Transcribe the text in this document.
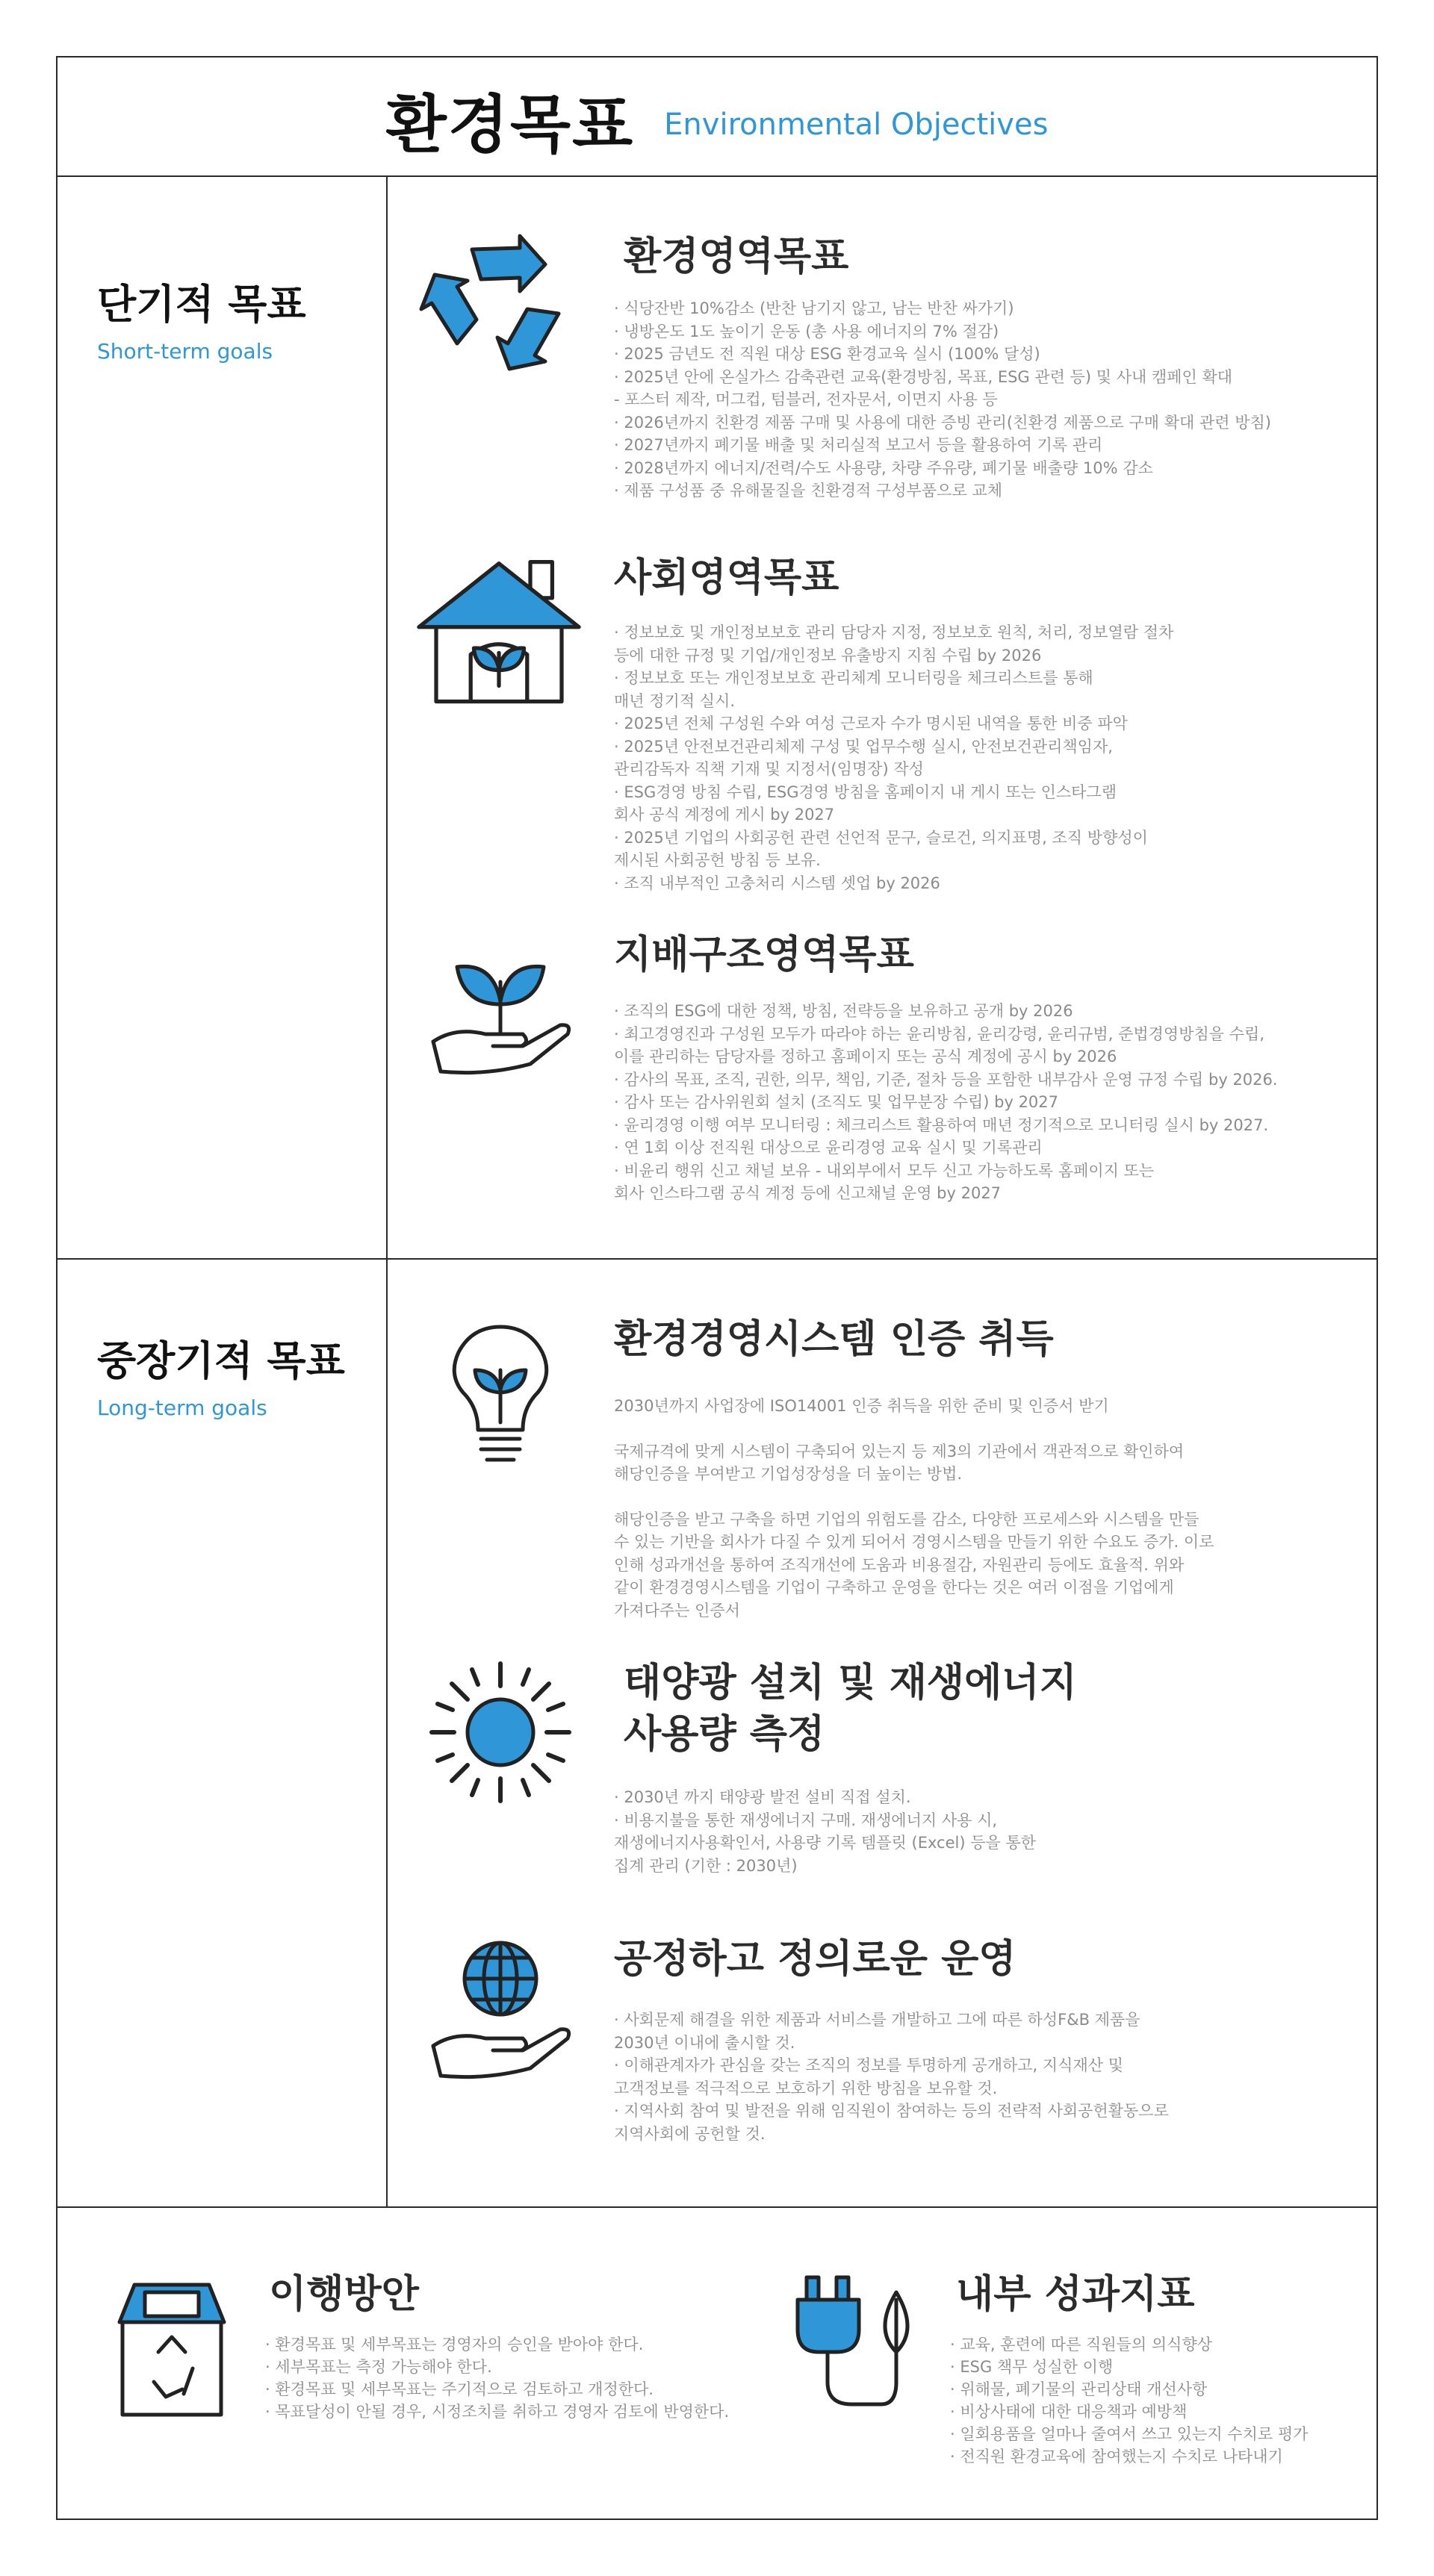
환경목표 Environmental Objectives
단기적 목표
Short-term goals
중장기적 목표
Long-term goals
환경영역목표
· 식당잔반 10%감소 (반찬 남기지 않고, 남는 반찬 싸가기)
· 냉방온도 1도 높이기 운동 (총 사용 에너지의 7% 절감)
· 2025 금년도 전 직원 대상 ESG 환경교육 실시 (100% 달성)
· 2025년 안에 온실가스 감축관련 교육(환경방침, 목표, ESG 관련 등) 및 사내 캠페인 확대
- 포스터 제작, 머그컵, 텀블러, 전자문서, 이면지 사용 등
· 2026년까지 친환경 제품 구매 및 사용에 대한 증빙 관리(친환경 제품으로 구매 확대 관련 방침)
· 2027년까지 폐기물 배출 및 처리실적 보고서 등을 활용하여 기록 관리
· 2028년까지 에너지/전력/수도 사용량, 차량 주유량, 폐기물 배출량 10% 감소
· 제품 구성품 중 유해물질을 친환경적 구성부품으로 교체
사회영역목표
· 정보보호 및 개인정보보호 관리 담당자 지정, 정보보호 원칙, 처리, 정보열람 절차
등에 대한 규정 및 기업/개인정보 유출방지 지침 수립 by 2026
· 정보보호 또는 개인정보보호 관리체계 모니터링을 체크리스트를 통해
매년 정기적 실시.
· 2025년 전체 구성원 수와 여성 근로자 수가 명시된 내역을 통한 비중 파악
· 2025년 안전보건관리체제 구성 및 업무수행 실시, 안전보건관리책임자,
관리감독자 직책 기재 및 지정서(임명장) 작성
· ESG경영 방침 수립, ESG경영 방침을 홈페이지 내 게시 또는 인스타그램
회사 공식 계정에 게시 by 2027
· 2025년 기업의 사회공헌 관련 선언적 문구, 슬로건, 의지표명, 조직 방향성이
제시된 사회공헌 방침 등 보유.
· 조직 내부적인 고충처리 시스템 셋업 by 2026
지배구조영역목표
· 조직의 ESG에 대한 정책, 방침, 전략등을 보유하고 공개 by 2026
· 최고경영진과 구성원 모두가 따라야 하는 윤리방침, 윤리강령, 윤리규범, 준법경영방침을 수립,
이를 관리하는 담당자를 정하고 홈페이지 또는 공식 계정에 공시 by 2026
· 감사의 목표, 조직, 권한, 의무, 책임, 기준, 절차 등을 포함한 내부감사 운영 규정 수립 by 2026.
· 감사 또는 감사위원회 설치 (조직도 및 업무분장 수립) by 2027
· 윤리경영 이행 여부 모니터링 : 체크리스트 활용하여 매년 정기적으로 모니터링 실시 by 2027.
· 연 1회 이상 전직원 대상으로 윤리경영 교육 실시 및 기록관리
· 비윤리 행위 신고 채널 보유 - 내외부에서 모두 신고 가능하도록 홈페이지 또는
회사 인스타그램 공식 계정 등에 신고채널 운영 by 2027
환경경영시스템 인증 취득
2030년까지 사업장에 ISO14001 인증 취득을 위한 준비 및 인증서 받기
국제규격에 맞게 시스템이 구축되어 있는지 등 제3의 기관에서 객관적으로 확인하여
해당인증을 부여받고 기업성장성을 더 높이는 방법.
해당인증을 받고 구축을 하면 기업의 위험도를 감소, 다양한 프로세스와 시스템을 만들
수 있는 기반을 회사가 다질 수 있게 되어서 경영시스템을 만들기 위한 수요도 증가. 이로
인해 성과개선을 통하여 조직개선에 도움과 비용절감, 자원관리 등에도 효율적. 위와
같이 환경경영시스템을 기업이 구축하고 운영을 한다는 것은 여러 이점을 기업에게
가져다주는 인증서
태양광 설치 및 재생에너지
사용량 측정
· 2030년 까지 태양광 발전 설비 직접 설치.
· 비용지불을 통한 재생에너지 구매. 재생에너지 사용 시,
재생에너지사용확인서, 사용량 기록 템플릿 (Excel) 등을 통한
집계 관리 (기한 : 2030년)
공정하고 정의로운 운영
· 사회문제 해결을 위한 제품과 서비스를 개발하고 그에 따른 하성F&B 제품을
2030년 이내에 출시할 것.
· 이해관계자가 관심을 갖는 조직의 정보를 투명하게 공개하고, 지식재산 및
고객정보를 적극적으로 보호하기 위한 방침을 보유할 것.
· 지역사회 참여 및 발전을 위해 임직원이 참여하는 등의 전략적 사회공헌활동으로
지역사회에 공헌할 것.
이행방안
· 환경목표 및 세부목표는 경영자의 승인을 받아야 한다.
· 세부목표는 측정 가능해야 한다.
· 환경목표 및 세부목표는 주기적으로 검토하고 개정한다.
· 목표달성이 안될 경우, 시정조치를 취하고 경영자 검토에 반영한다.
내부 성과지표
· 교육, 훈련에 따른 직원들의 의식향상
· ESG 책무 성실한 이행
· 위해물, 폐기물의 관리상태 개선사항
· 비상사태에 대한 대응책과 예방책
· 일회용품을 얼마나 줄여서 쓰고 있는지 수치로 평가
· 전직원 환경교육에 참여했는지 수치로 나타내기
